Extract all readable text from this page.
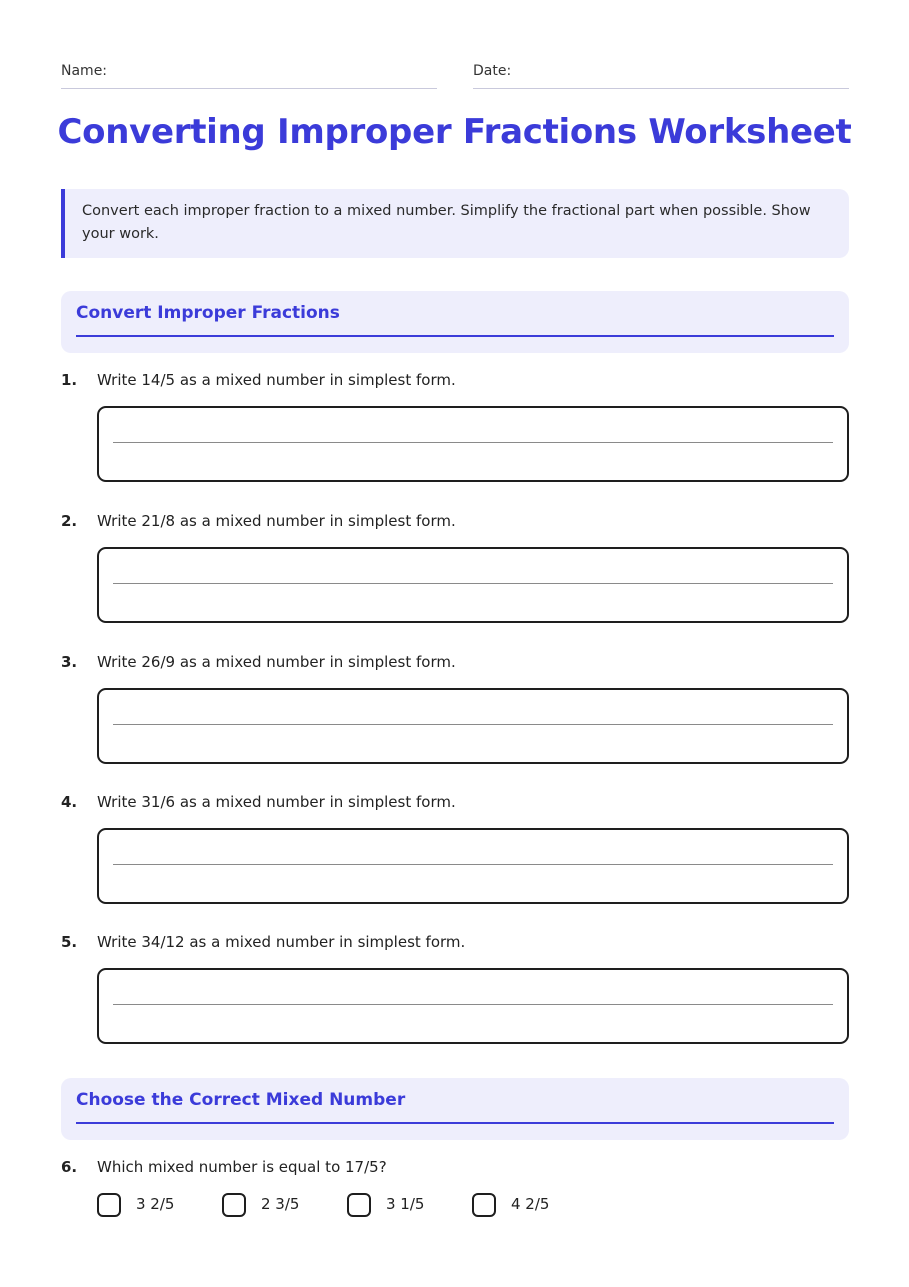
Name:	Date:
Converting Improper Fractions Worksheet
Convert each improper fraction to a mixed number. Simplify the fractional part when possible. Show your work.
Convert Improper Fractions
1. Write 14/5 as a mixed number in simplest form.
2. Write 21/8 as a mixed number in simplest form.
3. Write 26/9 as a mixed number in simplest form.
4. Write 31/6 as a mixed number in simplest form.
5. Write 34/12 as a mixed number in simplest form.
Choose the Correct Mixed Number
6. Which mixed number is equal to 17/5?
3 2/5	2 3/5	3 1/5	4 2/5
